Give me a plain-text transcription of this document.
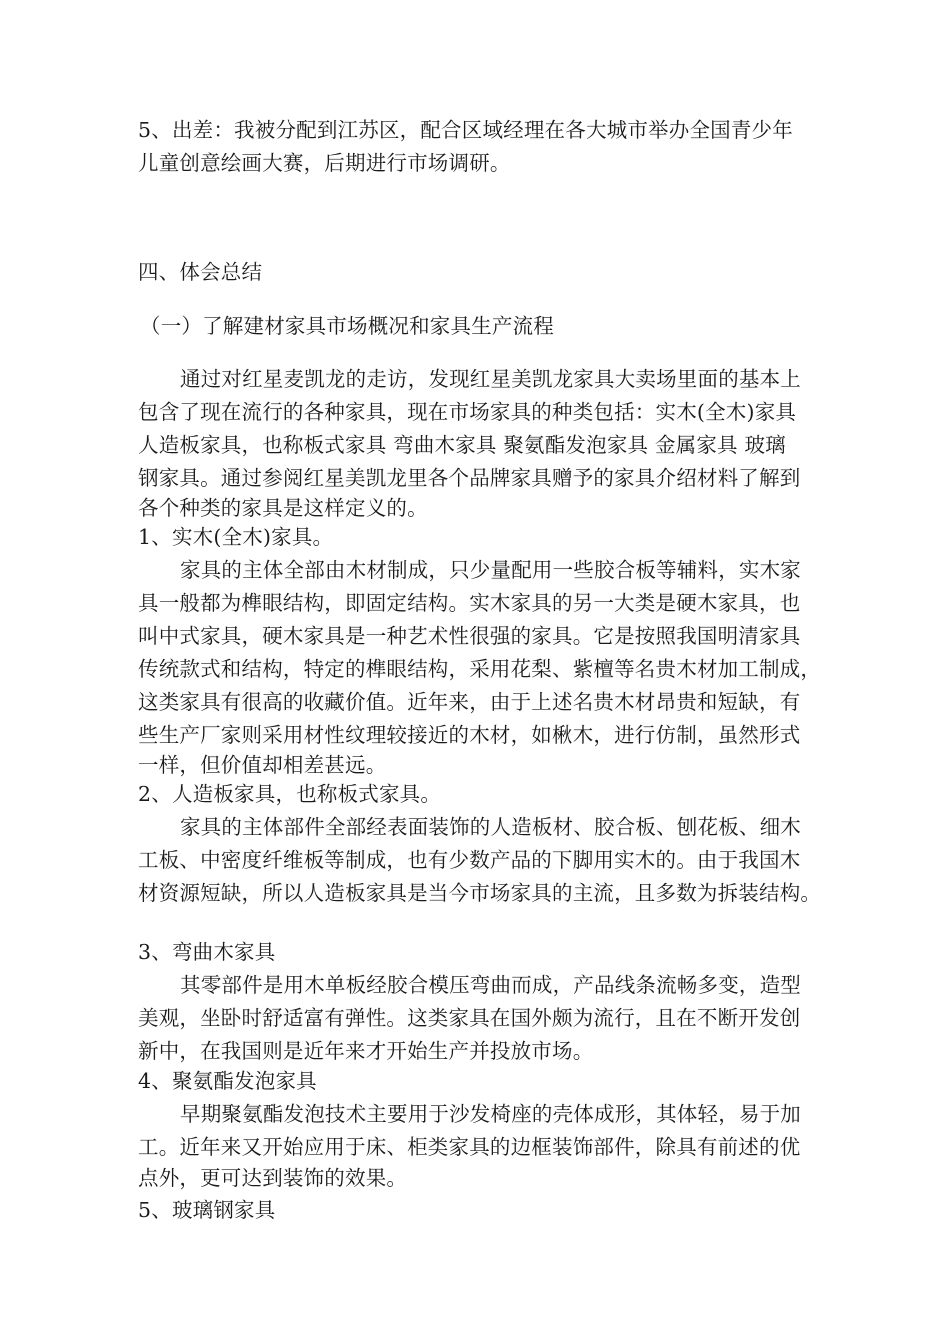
5、出差：我被分配到江苏区，配合区域经理在各大城市举办全国青少年
儿童创意绘画大赛，后期进行市场调研。
四、体会总结
（一）了解建材家具市场概况和家具生产流程
通过对红星麦凯龙的走访，发现红星美凯龙家具大卖场里面的基本上
包含了现在流行的各种家具，现在市场家具的种类包括：实木(全木)家具
人造板家具，也称板式家具 弯曲木家具 聚氨酯发泡家具 金属家具 玻璃
钢家具。通过参阅红星美凯龙里各个品牌家具赠予的家具介绍材料了解到
各个种类的家具是这样定义的。
1、实木(全木)家具。
家具的主体全部由木材制成，只少量配用一些胶合板等辅料，实木家
具一般都为榫眼结构，即固定结构。实木家具的另一大类是硬木家具，也
叫中式家具，硬木家具是一种艺术性很强的家具。它是按照我国明清家具
传统款式和结构，特定的榫眼结构，采用花梨、紫檀等名贵木材加工制成，
这类家具有很高的收藏价值。近年来，由于上述名贵木材昂贵和短缺，有
些生产厂家则采用材性纹理较接近的木材，如楸木，进行仿制，虽然形式
一样，但价值却相差甚远。
2、人造板家具，也称板式家具。
家具的主体部件全部经表面装饰的人造板材、胶合板、刨花板、细木
工板、中密度纤维板等制成，也有少数产品的下脚用实木的。由于我国木
材资源短缺，所以人造板家具是当今市场家具的主流，且多数为拆装结构。
3、弯曲木家具
其零部件是用木单板经胶合模压弯曲而成，产品线条流畅多变，造型
美观，坐卧时舒适富有弹性。这类家具在国外颇为流行，且在不断开发创
新中，在我国则是近年来才开始生产并投放市场。
4、聚氨酯发泡家具
早期聚氨酯发泡技术主要用于沙发椅座的壳体成形，其体轻，易于加
工。近年来又开始应用于床、柜类家具的边框装饰部件，除具有前述的优
点外，更可达到装饰的效果。
5、玻璃钢家具
